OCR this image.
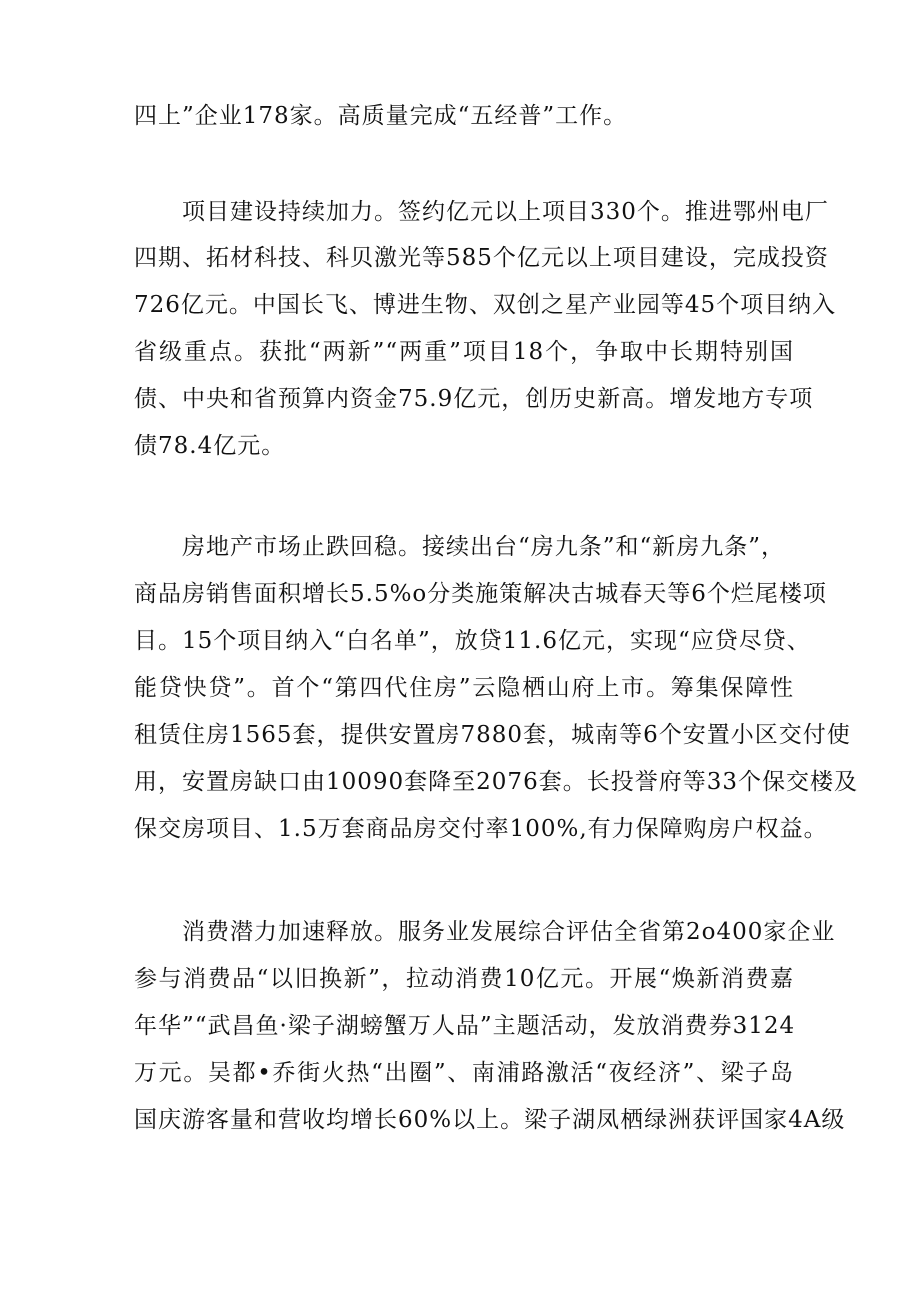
四上”企业178家。高质量完成“五经普”工作。
项目建设持续加力。签约亿元以上项目330个。推进鄂州电厂
四期、拓材科技、科贝激光等585个亿元以上项目建设，完成投资
726亿元。中国长飞、博进生物、双创之星产业园等45个项目纳入
省级重点。获批“两新”“两重”项目18个，争取中长期特别国
债、中央和省预算内资金75.9亿元，创历史新高。增发地方专项
债78.4亿元。
房地产市场止跌回稳。接续出台“房九条”和“新房九条”，
商品房销售面积增长5.5%o分类施策解决古城春天等6个烂尾楼项
目。15个项目纳入“白名单”，放贷11.6亿元，实现“应贷尽贷、
能贷快贷”。首个“第四代住房”云隐栖山府上市。筹集保障性
租赁住房1565套，提供安置房7880套，城南等6个安置小区交付使
用，安置房缺口由10090套降至2076套。长投誉府等33个保交楼及
保交房项目、1.5万套商品房交付率100%,有力保障购房户权益。
消费潜力加速释放。服务业发展综合评估全省第2o400家企业
参与消费品“以旧换新”，拉动消费10亿元。开展“焕新消费嘉
年华”“武昌鱼·梁子湖螃蟹万人品”主题活动，发放消费券3124
万元。吴都•乔街火热“出圈”、南浦路激活“夜经济”、梁子岛
国庆游客量和营收均增长60%以上。梁子湖凤栖绿洲获评国家4A级
